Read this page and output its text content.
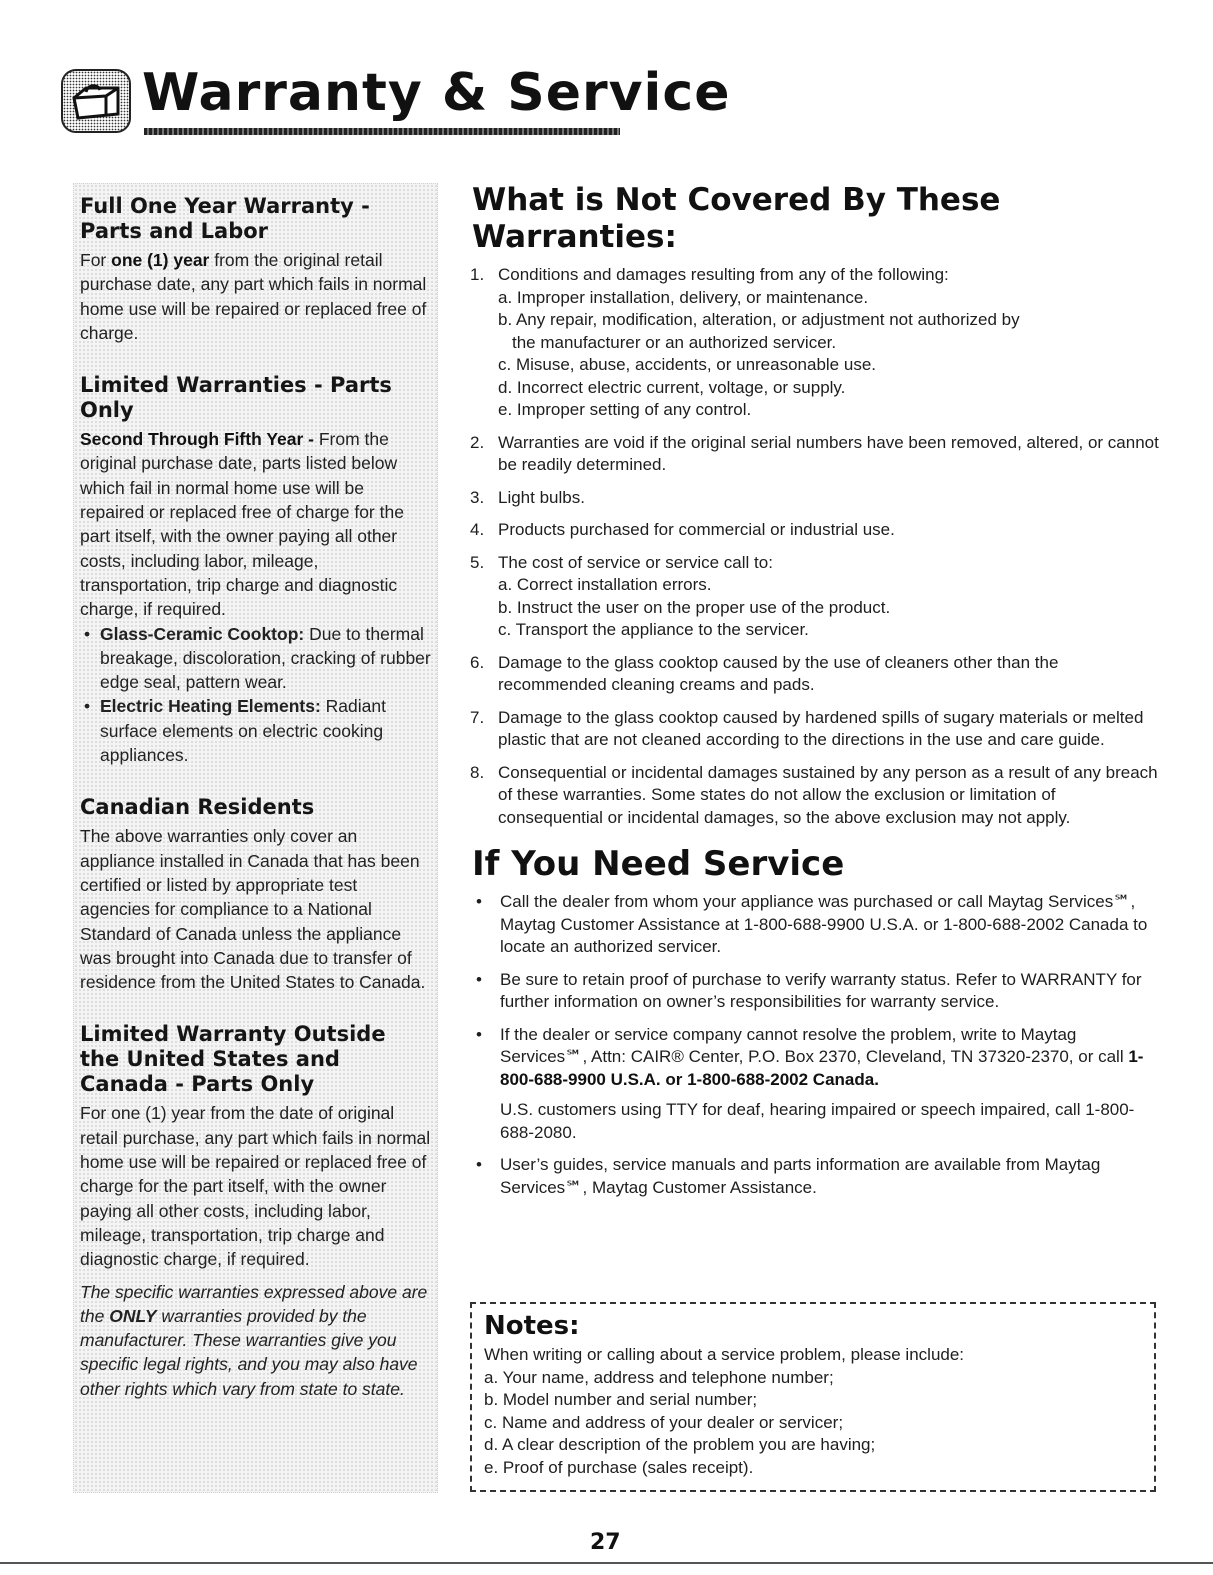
Warranty & Service
Full One Year Warranty - Parts and Labor

For one (1) year from the original retail purchase date, any part which fails in normal home use will be repaired or replaced free of charge.

Limited Warranties - Parts Only

Second Through Fifth Year - From the original purchase date, parts listed below which fail in normal home use will be repaired or replaced free of charge for the part itself, with the owner paying all other costs, including labor, mileage, transportation, trip charge and diagnostic charge, if required.

• Glass-Ceramic Cooktop: Due to thermal breakage, discoloration, cracking of rubber edge seal, pattern wear.

• Electric Heating Elements: Radiant surface elements on electric cooking appliances.

Canadian Residents

The above warranties only cover an appliance installed in Canada that has been certified or listed by appropriate test agencies for compliance to a National Standard of Canada unless the appliance was brought into Canada due to transfer of residence from the United States to Canada.

Limited Warranty Outside the United States and Canada - Parts Only

For one (1) year from the date of original retail purchase, any part which fails in normal home use will be repaired or replaced free of charge for the part itself, with the owner paying all other costs, including labor, mileage, transportation, trip charge and diagnostic charge, if required.

The specific warranties expressed above are the ONLY warranties provided by the manufacturer. These warranties give you specific legal rights, and you may also have other rights which vary from state to state.

What is Not Covered By These Warranties:
1. Conditions and damages resulting from any of the following:
a. Improper installation, delivery, or maintenance.
b. Any repair, modification, alteration, or adjustment not authorized by
the manufacturer or an authorized servicer.
c. Misuse, abuse, accidents, or unreasonable use.
d. Incorrect electric current, voltage, or supply.
e. Improper setting of any control.
2. Warranties are void if the original serial numbers have been removed, altered, or cannot be readily determined.
3. Light bulbs.
4. Products purchased for commercial or industrial use.
5. The cost of service or service call to:
a. Correct installation errors.
b. Instruct the user on the proper use of the product.
c. Transport the appliance to the servicer.
6. Damage to the glass cooktop caused by the use of cleaners other than the recommended cleaning creams and pads.
7. Damage to the glass cooktop caused by hardened spills of sugary materials or melted plastic that are not cleaned according to the directions in the use and care guide.
8. Consequential or incidental damages sustained by any person as a result of any breach of these warranties. Some states do not allow the exclusion or limitation of consequential or incidental damages, so the above exclusion may not apply.
If You Need Service
• Call the dealer from whom your appliance was purchased or call Maytag Services℠, Maytag Customer Assistance at 1-800-688-9900 U.S.A. or 1-800-688-2002 Canada to locate an authorized servicer.
• Be sure to retain proof of purchase to verify warranty status. Refer to WARRANTY for further information on owner’s responsibilities for warranty service.
• If the dealer or service company cannot resolve the problem, write to Maytag Services℠, Attn: CAIR® Center, P.O. Box 2370, Cleveland, TN 37320-2370, or call 1-800-688-9900 U.S.A. or 1-800-688-2002 Canada.
U.S. customers using TTY for deaf, hearing impaired or speech impaired, call 1-800-688-2080.
• User’s guides, service manuals and parts information are available from Maytag Services℠, Maytag Customer Assistance.
Notes:

When writing or calling about a service problem, please include:

a. Your name, address and telephone number;

b. Model number and serial number;

c. Name and address of your dealer or servicer;

d. A clear description of the problem you are having;

e. Proof of purchase (sales receipt).

27
